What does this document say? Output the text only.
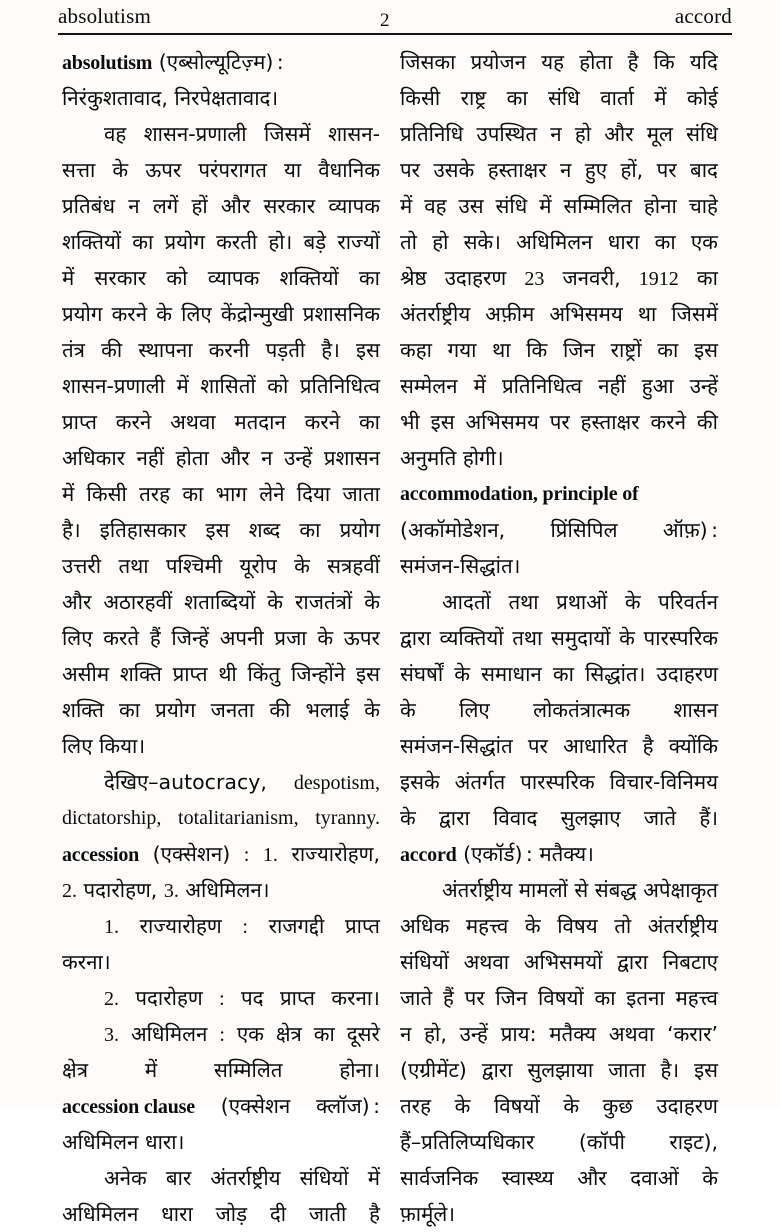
absolutism	2	accord
absolutism
(एब्सोल्यूटिज़्म) :
निरंकुशतावाद,
निरपेक्षतावाद।
वह शासन-प्रणाली जिसमें शासन-
सत्ता के ऊपर परंपरागत या वैधानिक
प्रतिबंध न लगें हों और सरकार व्यापक
शक्तियों का प्रयोग करती हो। बड़े राज्यों
में सरकार को व्यापक शक्तियों का
प्रयोग करने के लिए केंद्रोन्मुखी प्रशासनिक
तंत्र की स्थापना करनी पड़ती है। इस
शासन-प्रणाली में शासितों को प्रतिनिधित्व
प्राप्त करने अथवा मतदान करने का
अधिकार नहीं होता और न उन्हें प्रशासन
में किसी तरह का भाग लेने दिया जाता
है। इतिहासकार इस शब्द का प्रयोग
उत्तरी तथा पश्चिमी यूरोप के सत्रहवीं
और अठारहवीं शताब्दियों के राजतंत्रों के
लिए करते हैं जिन्हें अपनी प्रजा के ऊपर
असीम शक्ति प्राप्त थी किंतु जिन्होंने इस
शक्ति का प्रयोग जनता की भलाई के
लिए
किया।
देखिए–autocracy, despotism,
dictatorship, totalitarianism, tyranny.
accession (एक्सेशन) : 1. राज्यारोहण,
2.
पदारोहण,
3.
अधिमिलन।
1. राज्यारोहण : राजगद्दी प्राप्त
करना।
2. पदारोहण : पद प्राप्त करना।
3. अधिमिलन : एक क्षेत्र का दूसरे
क्षेत्र	में	सम्मिलित	होना।
accession clause (एक्सेशन क्लॉज) :
अधिमिलन
धारा।
अनेक बार अंतर्राष्ट्रीय संधियों में
अधिमिलन धारा जोड़ दी जाती है
जिसका प्रयोजन यह होता है कि यदि
किसी राष्ट्र का संधि वार्ता में कोई
प्रतिनिधि उपस्थित न हो और मूल संधि
पर उसके हस्ताक्षर न हुए हों, पर बाद
में वह उस संधि में सम्मिलित होना चाहे
तो हो सके। अधिमिलन धारा का एक
श्रेष्ठ उदाहरण 23 जनवरी, 1912 का
अंतर्राष्ट्रीय अफ़ीम अभिसमय था जिसमें
कहा गया था कि जिन राष्ट्रों का इस
सम्मेलन में प्रतिनिधित्व नहीं हुआ उन्हें
भी इस अभिसमय पर हस्ताक्षर करने की
अनुमति
होगी।
accommodation, principle of
(अकॉमोडेशन, प्रिंसिपिल ऑफ़) :
समंजन-सिद्धांत।
आदतों तथा प्रथाओं के परिवर्तन
द्वारा व्यक्तियों तथा समुदायों के पारस्परिक
संघर्षों के समाधान का सिद्धांत। उदाहरण
के लिए लोकतंत्रात्मक शासन
समंजन-सिद्धांत पर आधारित है क्योंकि
इसके अंतर्गत पारस्परिक विचार-विनिमय
के द्वारा विवाद सुलझाए जाते हैं।
accord
(एकॉर्ड) :
मतैक्य।
अंतर्राष्ट्रीय मामलों से संबद्ध अपेक्षाकृत
अधिक महत्त्व के विषय तो अंतर्राष्ट्रीय
संधियों अथवा अभिसमयों द्वारा निबटाए
जाते हैं पर जिन विषयों का इतना महत्त्व
न हो, उन्हें प्राय: मतैक्य अथवा ‘करार’
(एग्रीमेंट) द्वारा सुलझाया जाता है। इस
तरह के विषयों के कुछ उदाहरण
हैं–प्रतिलिप्यधिकार (कॉपी राइट),
सार्वजनिक स्वास्थ्य और दवाओं के
फ़ार्मूले।
